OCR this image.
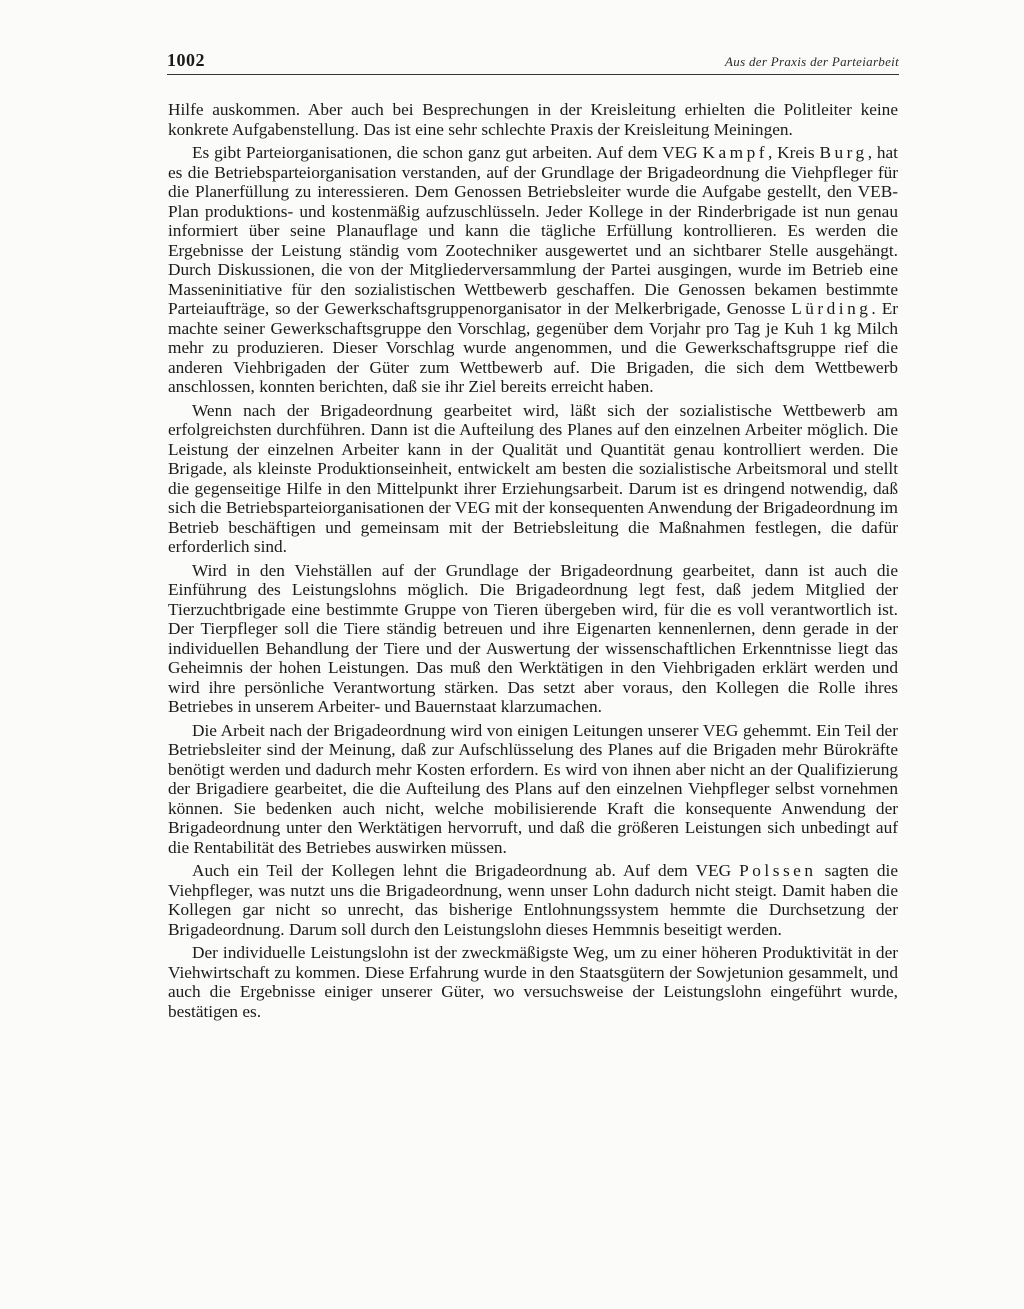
1002	Aus der Praxis der Parteiarbeit

Hilfe auskommen. Aber auch bei Besprechungen in der Kreisleitung erhielten die Politleiter keine konkrete Aufgabenstellung. Das ist eine sehr schlechte Praxis der Kreisleitung Meiningen.

Es gibt Parteiorganisationen, die schon ganz gut arbeiten. Auf dem VEG Kampf, Kreis Burg, hat es die Betriebsparteiorganisation verstanden, auf der Grundlage der Brigadeordnung die Viehpfleger für die Planerfüllung zu interessieren. Dem Genossen Betriebsleiter wurde die Aufgabe gestellt, den VEB-Plan produktions- und kostenmäßig aufzuschlüsseln. Jeder Kollege in der Rinderbrigade ist nun genau informiert über seine Planauflage und kann die tägliche Erfüllung kontrollieren. Es werden die Ergebnisse der Leistung ständig vom Zootechniker ausgewertet und an sichtbarer Stelle ausgehängt. Durch Diskussionen, die von der Mitgliederversammlung der Partei ausgingen, wurde im Betrieb eine Masseninitiative für den sozialistischen Wettbewerb geschaffen. Die Genossen bekamen bestimmte Parteiaufträge, so der Gewerkschaftsgruppenorganisator in der Melkerbrigade, Genosse Lürding. Er machte seiner Gewerkschaftsgruppe den Vorschlag, gegenüber dem Vorjahr pro Tag je Kuh 1 kg Milch mehr zu produzieren. Dieser Vorschlag wurde angenommen, und die Gewerkschaftsgruppe rief die anderen Viehbrigaden der Güter zum Wettbewerb auf. Die Brigaden, die sich dem Wettbewerb anschlossen, konnten berichten, daß sie ihr Ziel bereits erreicht haben.

Wenn nach der Brigadeordnung gearbeitet wird, läßt sich der sozialistische Wettbewerb am erfolgreichsten durchführen. Dann ist die Aufteilung des Planes auf den einzelnen Arbeiter möglich. Die Leistung der einzelnen Arbeiter kann in der Qualität und Quantität genau kontrolliert werden. Die Brigade, als kleinste Produktionseinheit, entwickelt am besten die sozialistische Arbeitsmoral und stellt die gegenseitige Hilfe in den Mittelpunkt ihrer Erziehungsarbeit. Darum ist es dringend notwendig, daß sich die Betriebsparteiorganisationen der VEG mit der konsequenten Anwendung der Brigadeordnung im Betrieb beschäftigen und gemeinsam mit der Betriebsleitung die Maßnahmen festlegen, die dafür erforderlich sind.

Wird in den Viehställen auf der Grundlage der Brigadeordnung gearbeitet, dann ist auch die Einführung des Leistungslohns möglich. Die Brigadeordnung legt fest, daß jedem Mitglied der Tierzuchtbrigade eine bestimmte Gruppe von Tieren übergeben wird, für die es voll verantwortlich ist. Der Tierpfleger soll die Tiere ständig betreuen und ihre Eigenarten kennenlernen, denn gerade in der individuellen Behandlung der Tiere und der Auswertung der wissenschaftlichen Erkenntnisse liegt das Geheimnis der hohen Leistungen. Das muß den Werktätigen in den Viehbrigaden erklärt werden und wird ihre persönliche Verantwortung stärken. Das setzt aber voraus, den Kollegen die Rolle ihres Betriebes in unserem Arbeiter- und Bauernstaat klarzumachen.

Die Arbeit nach der Brigadeordnung wird von einigen Leitungen unserer VEG gehemmt. Ein Teil der Betriebsleiter sind der Meinung, daß zur Aufschlüsselung des Planes auf die Brigaden mehr Bürokräfte benötigt werden und dadurch mehr Kosten erfordern. Es wird von ihnen aber nicht an der Qualifizierung der Brigadiere gearbeitet, die die Aufteilung des Plans auf den einzelnen Viehpfleger selbst vornehmen können. Sie bedenken auch nicht, welche mobilisierende Kraft die konsequente Anwendung der Brigadeordnung unter den Werktätigen hervorruft, und daß die größeren Leistungen sich unbedingt auf die Rentabilität des Betriebes auswirken müssen.

Auch ein Teil der Kollegen lehnt die Brigadeordnung ab. Auf dem VEG Polssen sagten die Viehpfleger, was nutzt uns die Brigadeordnung, wenn unser Lohn dadurch nicht steigt. Damit haben die Kollegen gar nicht so unrecht, das bisherige Entlohnungssystem hemmte die Durchsetzung der Brigadeordnung. Darum soll durch den Leistungslohn dieses Hemmnis beseitigt werden.

Der individuelle Leistungslohn ist der zweckmäßigste Weg, um zu einer höheren Produktivität in der Viehwirtschaft zu kommen. Diese Erfahrung wurde in den Staatsgütern der Sowjetunion gesammelt, und auch die Ergebnisse einiger unserer Güter, wo versuchsweise der Leistungslohn eingeführt wurde, bestätigen es.
